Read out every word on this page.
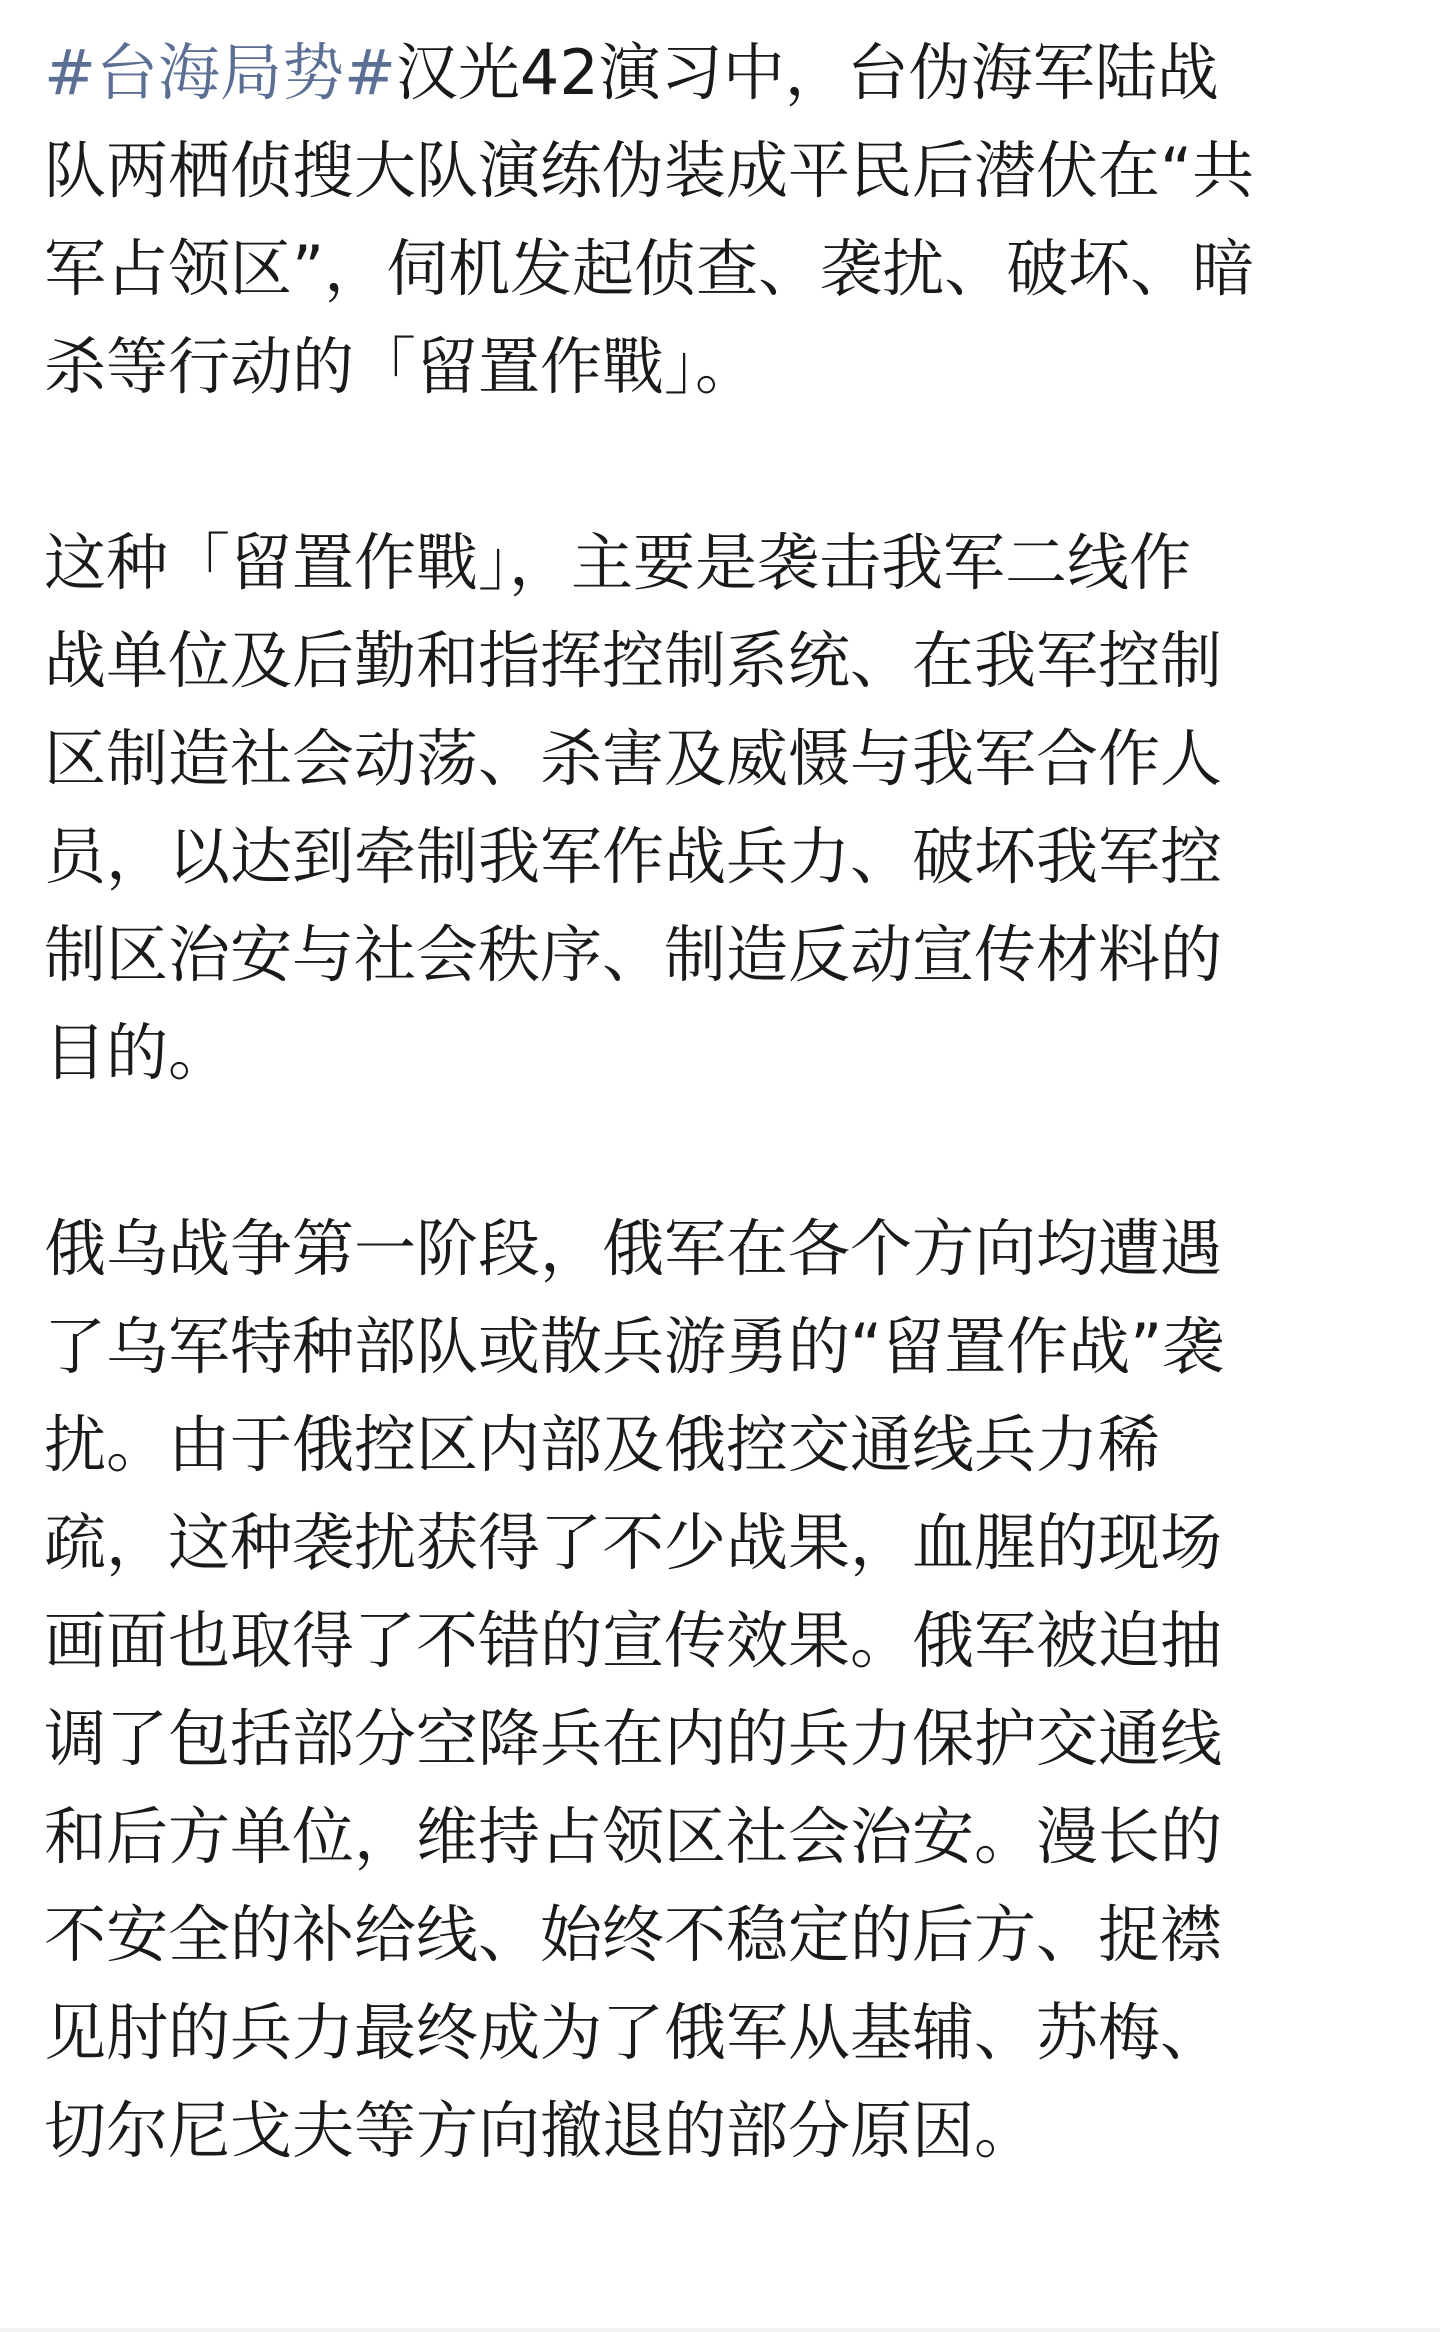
#台海局势#汉光42演习中，台伪海军陆战
队两栖侦搜大队演练伪装成平民后潜伏在“共
军占领区”，伺机发起侦查、袭扰、破坏、暗
杀等行动的「留置作戰」。
这种「留置作戰」，主要是袭击我军二线作
战单位及后勤和指挥控制系统、在我军控制
区制造社会动荡、杀害及威慑与我军合作人
员，以达到牵制我军作战兵力、破坏我军控
制区治安与社会秩序、制造反动宣传材料的
目的。
俄乌战争第一阶段，俄军在各个方向均遭遇
了乌军特种部队或散兵游勇的“留置作战”袭
扰。由于俄控区内部及俄控交通线兵力稀
疏，这种袭扰获得了不少战果，血腥的现场
画面也取得了不错的宣传效果。俄军被迫抽
调了包括部分空降兵在内的兵力保护交通线
和后方单位，维持占领区社会治安。漫长的
不安全的补给线、始终不稳定的后方、捉襟
见肘的兵力最终成为了俄军从基辅、苏梅、
切尔尼戈夫等方向撤退的部分原因。
